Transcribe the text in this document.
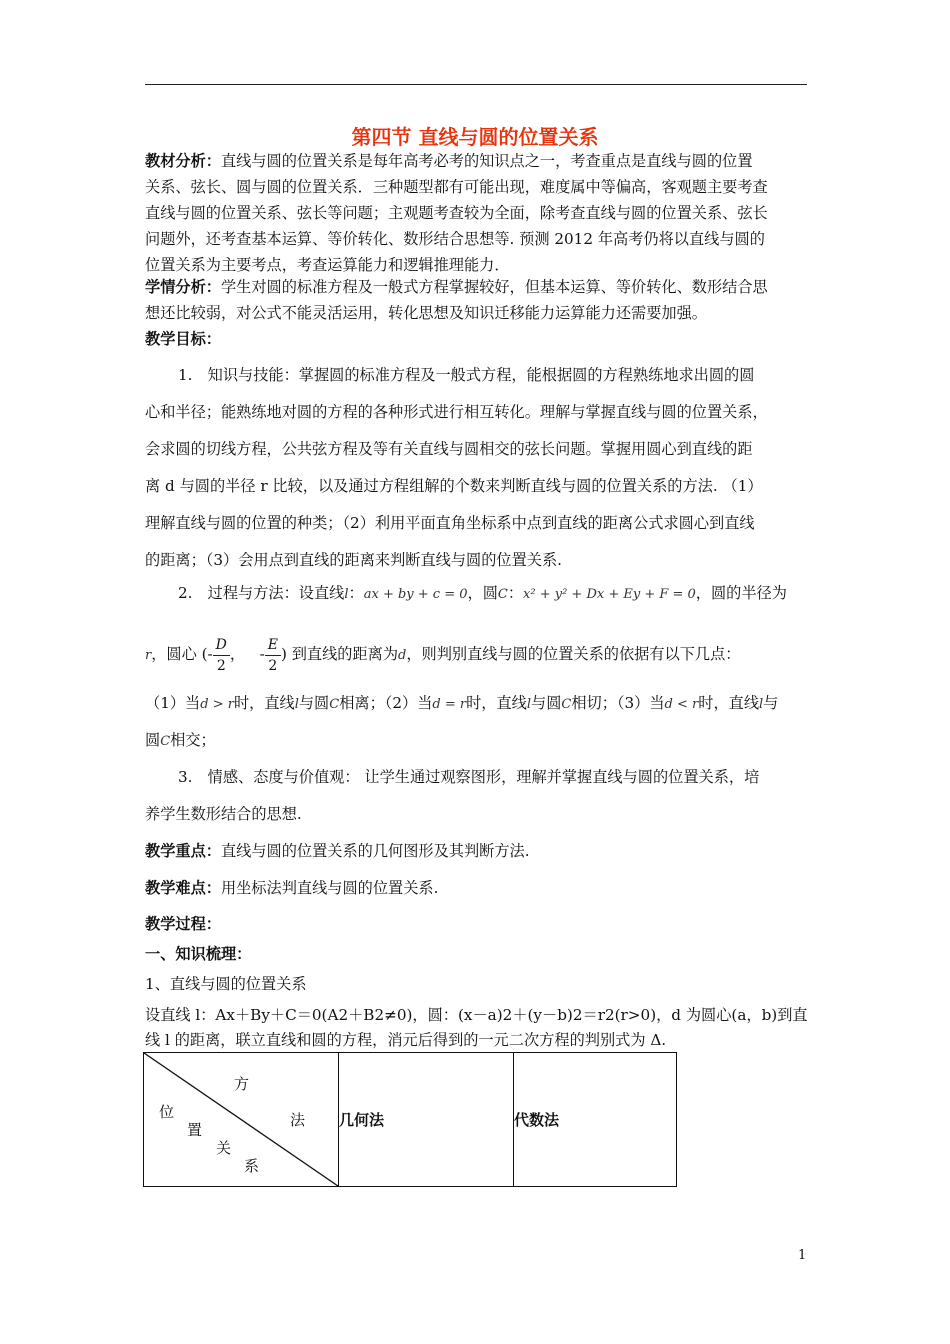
第四节 直线与圆的位置关系
教材分析：直线与圆的位置关系是每年高考必考的知识点之一，考查重点是直线与圆的位置
关系、弦长、圆与圆的位置关系．三种题型都有可能出现，难度属中等偏高，客观题主要考查
直线与圆的位置关系、弦长等问题；主观题考查较为全面，除考查直线与圆的位置关系、弦长
问题外，还考查基本运算、等价转化、数形结合思想等. 预测 2012 年高考仍将以直线与圆的
位置关系为主要考点，考查运算能力和逻辑推理能力．
学情分析：学生对圆的标准方程及一般式方程掌握较好，但基本运算、等价转化、数形结合思
想还比较弱，对公式不能灵活运用，转化思想及知识迁移能力运算能力还需要加强。
教学目标：
1.　知识与技能：掌握圆的标准方程及一般式方程，能根据圆的方程熟练地求出圆的圆
心和半径；能熟练地对圆的方程的各种形式进行相互转化。理解与掌握直线与圆的位置关系，
会求圆的切线方程，公共弦方程及等有关直线与圆相交的弦长问题。掌握用圆心到直线的距
离 d 与圆的半径 r 比较，以及通过方程组解的个数来判断直线与圆的位置关系的方法. （1）
理解直线与圆的位置的种类；（2）利用平面直角坐标系中点到直线的距离公式求圆心到直线
的距离；（3）会用点到直线的距离来判断直线与圆的位置关系.
2.　过程与方法：设直线l：ax + by + c = 0，圆C：x² + y² + Dx + Ey + F = 0，圆的半径为
r，圆心 (- $\frac{D}{2}$ ， - $\frac{E}{2}$ ) 到直线的距离为d，则判别直线与圆的位置关系的依据有以下几点：
（1）当d > r时，直线l与圆C相离；（2）当d = r时，直线l与圆C相切；（3）当d < r时，直线l与
圆C相交；
3.　情感、态度与价值观： 让学生通过观察图形，理解并掌握直线与圆的位置关系，培
养学生数形结合的思想.
教学重点：直线与圆的位置关系的几何图形及其判断方法.
教学难点：用坐标法判直线与圆的位置关系.
教学过程：
一、知识梳理：
1、直线与圆的位置关系
设直线 l：Ax＋By＋C＝0(A2＋B2≠0)，圆：(x－a)2＋(y－b)2＝r2(r>0)，d 为圆心(a，b)到直
线 l 的距离，联立直线和圆的方程，消元后得到的一元二次方程的判别式为 Δ.
方
法
位
置
关
系
	几何法	代数法
1
